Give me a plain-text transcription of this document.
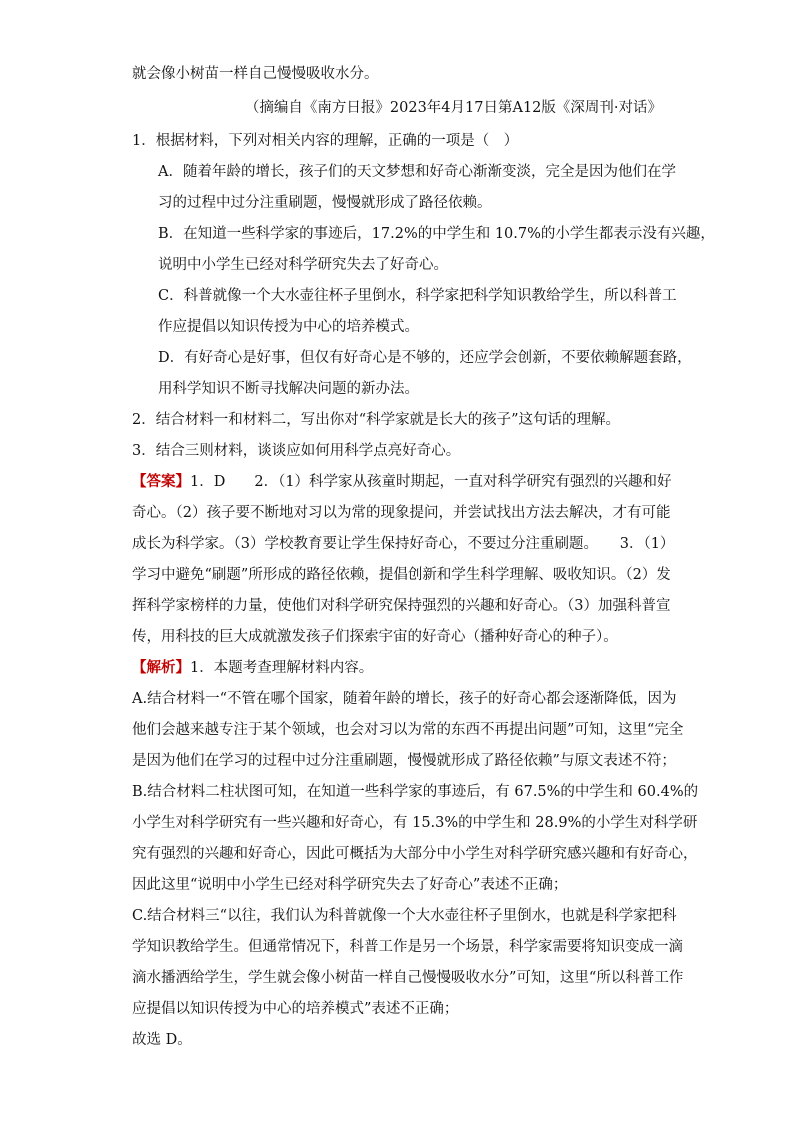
就会像小树苗一样自己慢慢吸收水分。
（摘编自《南方日报》2023年4月17日第A12版《深周刊·对话》
1．根据材料，下列对相关内容的理解，正确的一项是（　）
A．随着年龄的增长，孩子们的天文梦想和好奇心渐渐变淡，完全是因为他们在学
习的过程中过分注重刷题，慢慢就形成了路径依赖。
B．在知道一些科学家的事迹后，17.2%的中学生和 10.7%的小学生都表示没有兴趣，
说明中小学生已经对科学研究失去了好奇心。
C．科普就像一个大水壶往杯子里倒水，科学家把科学知识教给学生，所以科普工
作应提倡以知识传授为中心的培养模式。
D．有好奇心是好事，但仅有好奇心是不够的，还应学会创新，不要依赖解题套路，
用科学知识不断寻找解决问题的新办法。
2．结合材料一和材料二，写出你对“科学家就是长大的孩子”这句话的理解。
3．结合三则材料，谈谈应如何用科学点亮好奇心。
【答案】1．D　　2．（1）科学家从孩童时期起，一直对科学研究有强烈的兴趣和好
奇心。（2）孩子要不断地对习以为常的现象提问，并尝试找出方法去解决，才有可能
成长为科学家。（3）学校教育要让学生保持好奇心，不要过分注重刷题。　　3．（1）
学习中避免“刷题”所形成的路径依赖，提倡创新和学生科学理解、吸收知识。（2）发
挥科学家榜样的力量，使他们对科学研究保持强烈的兴趣和好奇心。（3）加强科普宣
传，用科技的巨大成就激发孩子们探索宇宙的好奇心（播种好奇心的种子）。
【解析】1．本题考查理解材料内容。
A.结合材料一“不管在哪个国家，随着年龄的增长，孩子的好奇心都会逐渐降低，因为
他们会越来越专注于某个领域，也会对习以为常的东西不再提出问题”可知，这里“完全
是因为他们在学习的过程中过分注重刷题，慢慢就形成了路径依赖”与原文表述不符；
B.结合材料二柱状图可知，在知道一些科学家的事迹后，有 67.5%的中学生和 60.4%的
小学生对科学研究有一些兴趣和好奇心，有 15.3%的中学生和 28.9%的小学生对科学研
究有强烈的兴趣和好奇心，因此可概括为大部分中小学生对科学研究感兴趣和有好奇心，
因此这里“说明中小学生已经对科学研究失去了好奇心”表述不正确；
C.结合材料三“以往，我们认为科普就像一个大水壶往杯子里倒水，也就是科学家把科
学知识教给学生。但通常情况下，科普工作是另一个场景，科学家需要将知识变成一滴
滴水播洒给学生，学生就会像小树苗一样自己慢慢吸收水分”可知，这里“所以科普工作
应提倡以知识传授为中心的培养模式”表述不正确；
故选 D。
